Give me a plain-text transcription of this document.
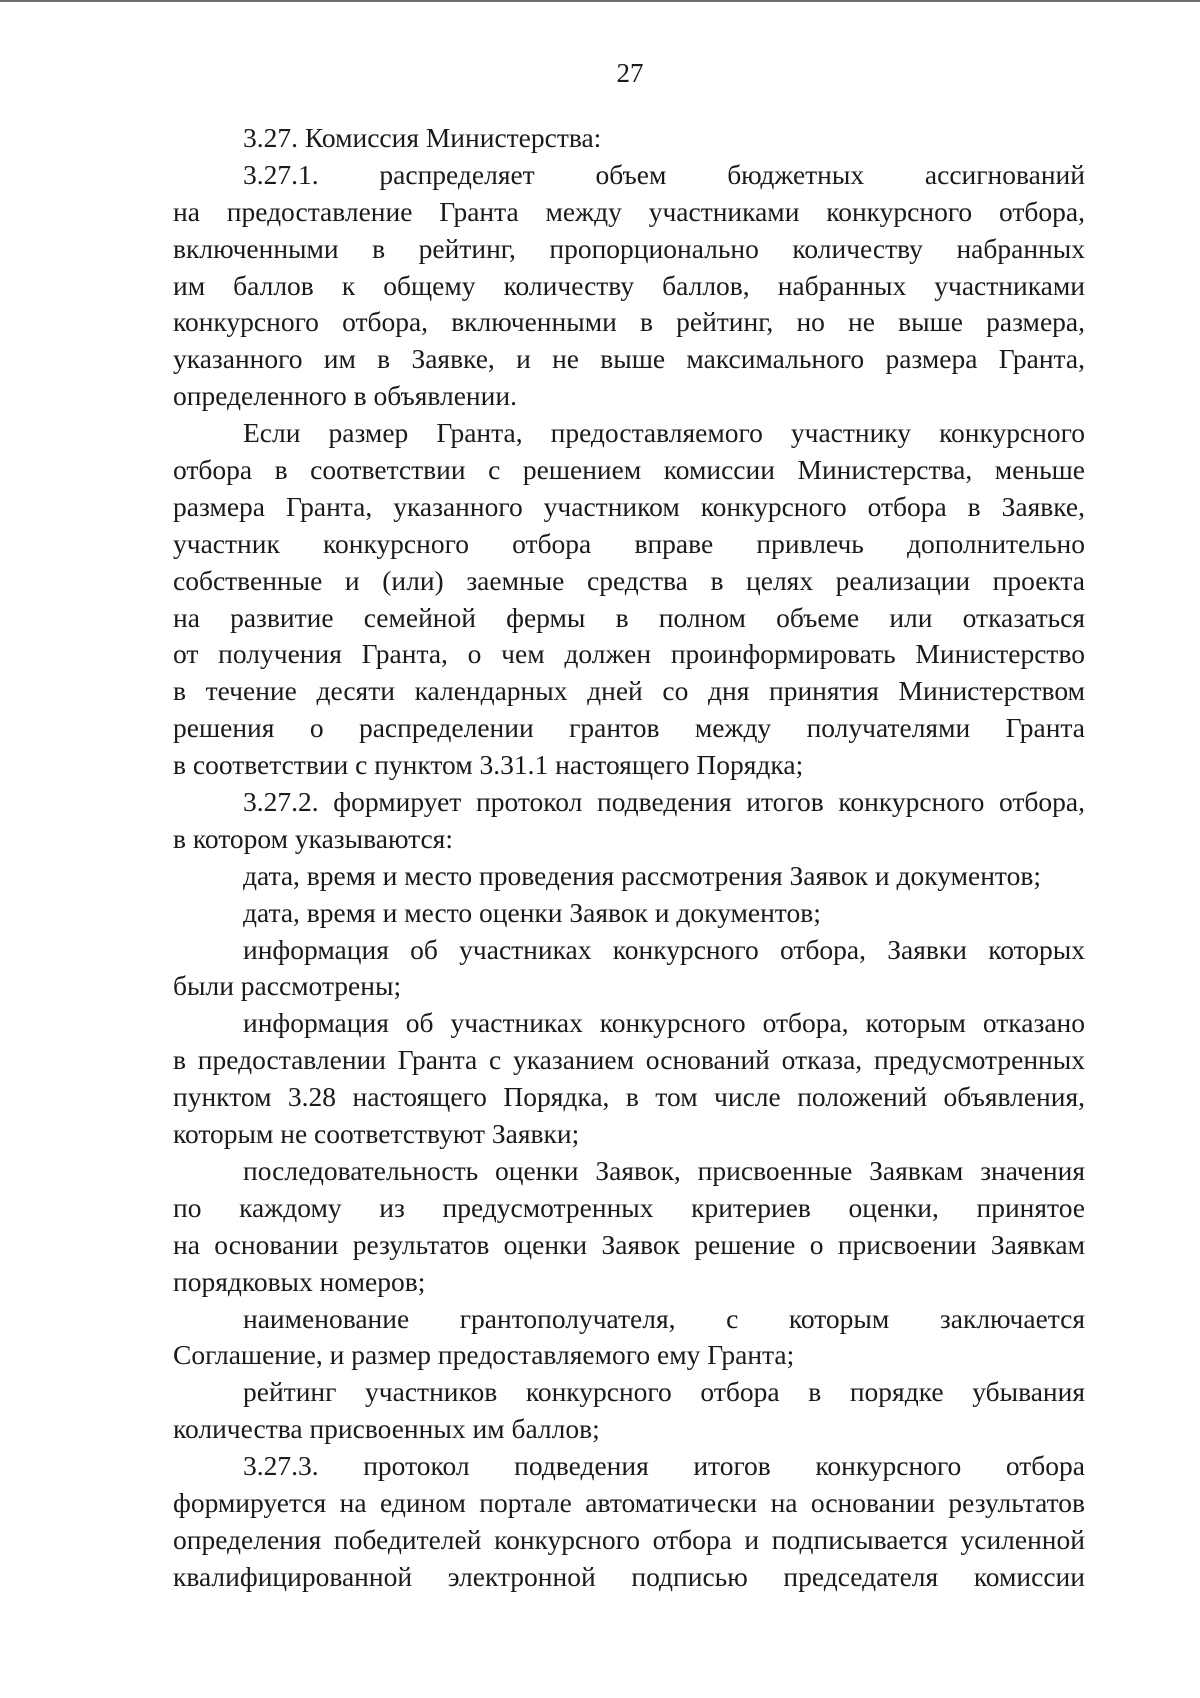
27
3.27. Комиссия Министерства:
3.27.1. распределяет объем бюджетных ассигнований
на предоставление Гранта между участниками конкурсного отбора,
включенными в рейтинг, пропорционально количеству набранных
им баллов к общему количеству баллов, набранных участниками
конкурсного отбора, включенными в рейтинг, но не выше размера,
указанного им в Заявке, и не выше максимального размера Гранта,
определенного в объявлении.
Если размер Гранта, предоставляемого участнику конкурсного
отбора в соответствии с решением комиссии Министерства, меньше
размера Гранта, указанного участником конкурсного отбора в Заявке,
участник конкурсного отбора вправе привлечь дополнительно
собственные и (или) заемные средства в целях реализации проекта
на развитие семейной фермы в полном объеме или отказаться
от получения Гранта, о чем должен проинформировать Министерство
в течение десяти календарных дней со дня принятия Министерством
решения о распределении грантов между получателями Гранта
в соответствии с пунктом 3.31.1 настоящего Порядка;
3.27.2. формирует протокол подведения итогов конкурсного отбора,
в котором указываются:
дата, время и место проведения рассмотрения Заявок и документов;
дата, время и место оценки Заявок и документов;
информация об участниках конкурсного отбора, Заявки которых
были рассмотрены;
информация об участниках конкурсного отбора, которым отказано
в предоставлении Гранта с указанием оснований отказа, предусмотренных
пунктом 3.28 настоящего Порядка, в том числе положений объявления,
которым не соответствуют Заявки;
последовательность оценки Заявок, присвоенные Заявкам значения
по каждому из предусмотренных критериев оценки, принятое
на основании результатов оценки Заявок решение о присвоении Заявкам
порядковых номеров;
наименование грантополучателя, с которым заключается
Соглашение, и размер предоставляемого ему Гранта;
рейтинг участников конкурсного отбора в порядке убывания
количества присвоенных им баллов;
3.27.3. протокол подведения итогов конкурсного отбора
формируется на едином портале автоматически на основании результатов
определения победителей конкурсного отбора и подписывается усиленной
квалифицированной электронной подписью председателя комиссии
